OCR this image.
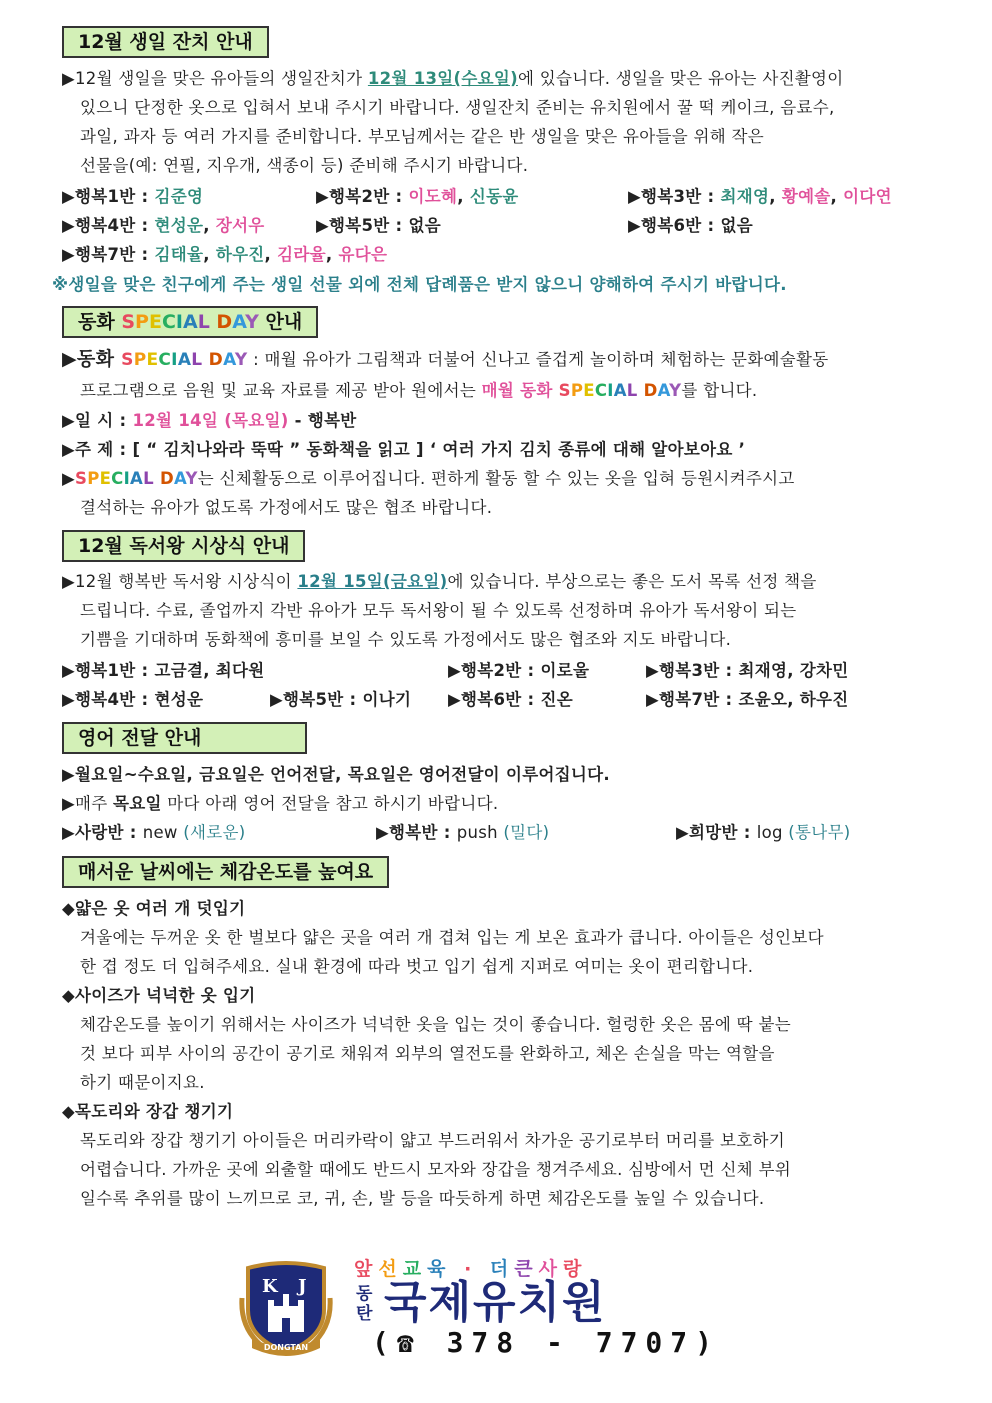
12월 생일 잔치 안내
▶12월 생일을 맞은 유아들의 생일잔치가 12월 13일(수요일)에 있습니다. 생일을 맞은 유아는 사진촬영이
있으니 단정한 옷으로 입혀서 보내 주시기 바랍니다. 생일잔치 준비는 유치원에서 꿀 떡 케이크, 음료수,
과일, 과자 등 여러 가지를 준비합니다. 부모님께서는 같은 반 생일을 맞은 유아들을 위해 작은
선물을(예: 연필, 지우개, 색종이 등) 준비해 주시기 바랍니다.
▶행복1반 : 김준영	▶행복2반 : 이도혜, 신동윤	▶행복3반 : 최재영, 황예솔, 이다연
▶행복4반 : 현성운, 장서우	▶행복5반 : 없음	▶행복6반 : 없음
▶행복7반 : 김태율, 하우진, 김라율, 유다은
※생일을 맞은 친구에게 주는 생일 선물 외에 전체 답례품은 받지 않으니 양해하여 주시기 바랍니다.
동화 SPECIAL DAY 안내
▶동화 SPECIAL DAY : 매월 유아가 그림책과 더불어 신나고 즐겁게 놀이하며 체험하는 문화예술활동
프로그램으로 음원 및 교육 자료를 제공 받아 원에서는 매월 동화 SPECIAL DAY를 합니다.
▶일 시 : 12월 14일 (목요일) - 행복반
▶주 제 : [ “ 김치나와라 뚝딱 ” 동화책을 읽고 ] ‘ 여러 가지 김치 종류에 대해 알아보아요 ’
▶SPECIAL DAY는 신체활동으로 이루어집니다. 편하게 활동 할 수 있는 옷을 입혀 등원시켜주시고
결석하는 유아가 없도록 가정에서도 많은 협조 바랍니다.
12월 독서왕 시상식 안내
▶12월 행복반 독서왕 시상식이 12월 15일(금요일)에 있습니다. 부상으로는 좋은 도서 목록 선정 책을
드립니다. 수료, 졸업까지 각반 유아가 모두 독서왕이 될 수 있도록 선정하며 유아가 독서왕이 되는
기쁨을 기대하며 동화책에 흥미를 보일 수 있도록 가정에서도 많은 협조와 지도 바랍니다.
▶행복1반 : 고금결, 최다원	▶행복2반 : 이로울	▶행복3반 : 최재영, 강차민
▶행복4반 : 현성운	▶행복5반 : 이나기 ▶행복6반 : 진온	▶행복7반 : 조윤오, 하우진
영어 전달 안내
▶월요일~수요일, 금요일은 언어전달, 목요일은 영어전달이 이루어집니다.
▶매주 목요일 마다 아래 영어 전달을 참고 하시기 바랍니다.
▶사랑반 : new (새로운)	▶행복반 : push (밀다)	▶희망반 : log (통나무)
매서운 날씨에는 체감온도를 높여요
◆얇은 옷 여러 개 덧입기
겨울에는 두꺼운 옷 한 벌보다 얇은 곳을 여러 개 겹쳐 입는 게 보온 효과가 큽니다. 아이들은 성인보다
한 겹 정도 더 입혀주세요. 실내 환경에 따라 벗고 입기 쉽게 지퍼로 여미는 옷이 편리합니다.
◆사이즈가 넉넉한 옷 입기
체감온도를 높이기 위해서는 사이즈가 넉넉한 옷을 입는 것이 좋습니다. 헐렁한 옷은 몸에 딱 붙는
것 보다 피부 사이의 공간이 공기로 채워져 외부의 열전도를 완화하고, 체온 손실을 막는 역할을
하기 때문이지요.
◆목도리와 장갑 챙기기
목도리와 장갑 챙기기 아이들은 머리카락이 얇고 부드러워서 차가운 공기로부터 머리를 보호하기
어렵습니다. 가까운 곳에 외출할 때에도 반드시 모자와 장갑을 챙겨주세요. 심방에서 먼 신체 부위
일수록 추위를 많이 느끼므로 코, 귀, 손, 발 등을 따듯하게 하면 체감온도를 높일 수 있습니다.
K J
DONGTAN
앞선교육 · 더큰사랑
동탄 국제유치원
(☎ 378 - 7707)
